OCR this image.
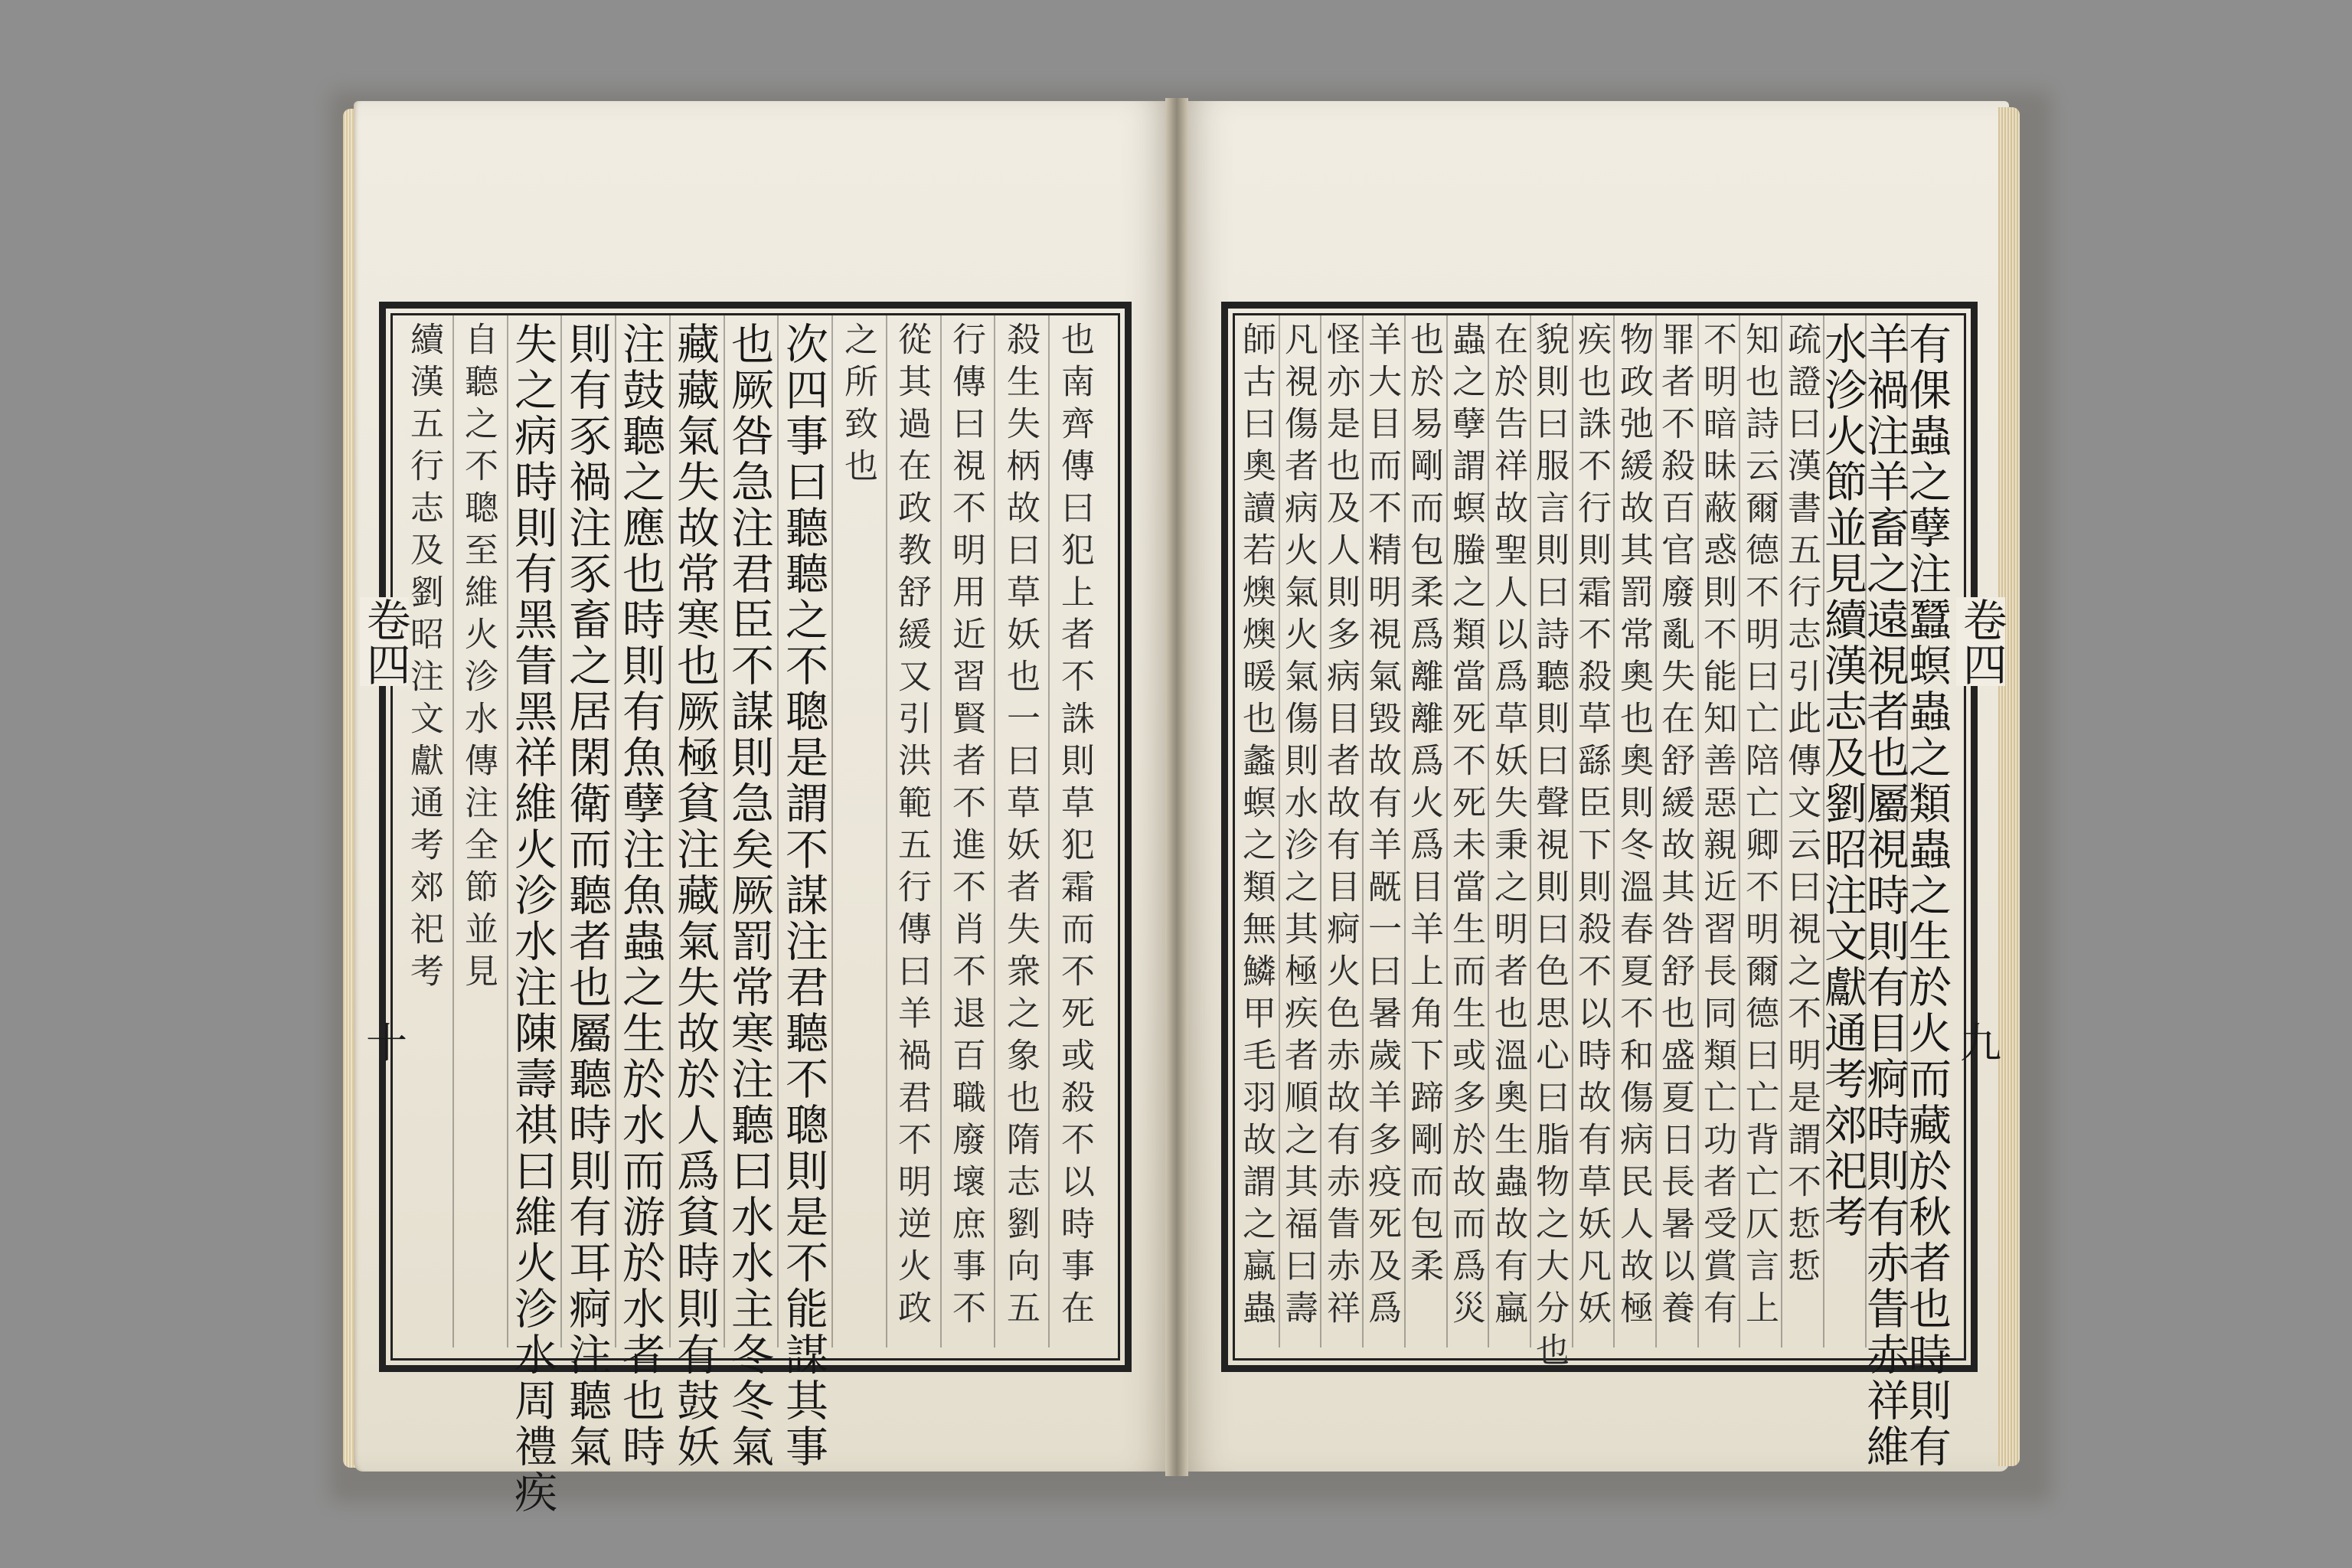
卷四
十
卷四
九
也南齊傳曰犯上者不誅則草犯霜而不死或殺不以時事在
殺生失柄故曰草妖也一曰草妖者失衆之象也隋志劉向五
行傳曰視不明用近習賢者不進不肖不退百職廢壞庶事不
從其過在政教舒緩又引洪範五行傳曰羊禍君不明逆火政
之所致也
次四事曰聽聽之不聰是謂不謀注君聽不聰則是不能謀其事
也厥咎急注君臣不謀則急矣厥罰常寒注聽曰水水主冬冬氣
藏藏氣失故常寒也厥極貧注藏氣失故於人爲貧時則有鼓妖
注鼓聽之應也時則有魚孽注魚蟲之生於水而游於水者也時
則有豕禍注豕畜之居閑衛而聽者也屬聽時則有耳痾注聽氣
失之病時則有黑眚黑祥維火沴水注陳壽祺曰維火沴水周禮疾
自聽之不聰至維火沴水傳注全節並見
續漢五行志及劉昭注文獻通考郊祀考	有倮蟲之孽注蠶螟蟲之類蟲之生於火而藏於秋者也時則有
羊禍注羊畜之遠視者也屬視時則有目痾時則有赤眚赤祥維
水沴火節並見續漢志及劉昭注文獻通考郊祀考
疏證曰漢書五行志引此傳文云曰視之不明是謂不悊悊
知也詩云爾德不明曰亡陪亡卿不明爾德曰亡背亡仄言上
不明暗昧蔽惑則不能知善惡親近習長同類亡功者受賞有
罪者不殺百官廢亂失在舒緩故其咎舒也盛夏日長暑以養
物政弛緩故其罰常奧也奧則冬溫春夏不和傷病民人故極
疾也誅不行則霜不殺草繇臣下則殺不以時故有草妖凡妖
貌則曰服言則曰詩聽則曰聲視則曰色思心曰脂物之大分也
在於告祥故聖人以爲草妖失秉之明者也溫奧生蟲故有蠃
蟲之孽謂螟螣之類當死不死未當生而生或多於故而爲災
也於易剛而包柔爲離離爲火爲目羊上角下蹄剛而包柔
羊大目而不精明視氣毀故有羊旤一曰暑歲羊多疫死及爲
怪亦是也及人則多病目者故有目痾火色赤故有赤眚赤祥
凡視傷者病火氣火氣傷則水沴之其極疾者順之其福曰壽
師古曰奧讀若燠燠暖也蠡螟之類無鱗甲毛羽故謂之蠃蟲
